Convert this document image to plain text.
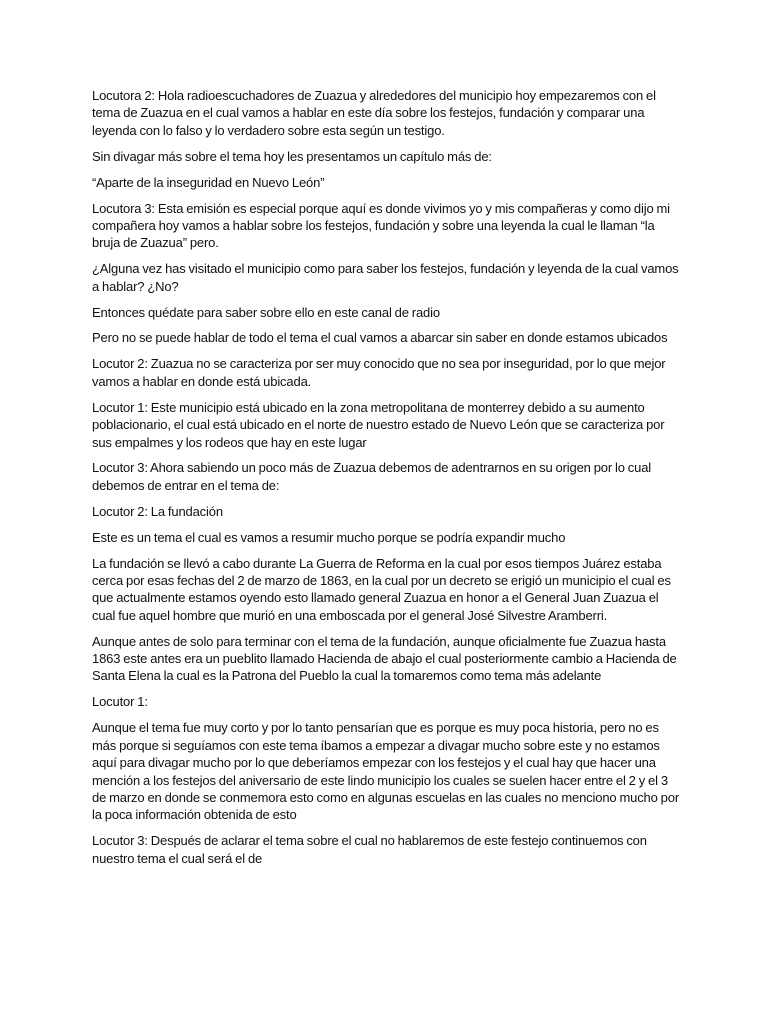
Locutora 2: Hola radioescuchadores de Zuazua y alrededores del municipio hoy empezaremos con el tema de Zuazua en el cual vamos a hablar en este día sobre los festejos, fundación y comparar una leyenda con lo falso y lo verdadero sobre esta según un testigo.

Sin divagar más sobre el tema hoy les presentamos un capítulo más de:

“Aparte de la inseguridad en Nuevo León”

Locutora 3: Esta emisión es especial porque aquí es donde vivimos yo y mis compañeras y como dijo mi compañera hoy vamos a hablar sobre los festejos, fundación y sobre una leyenda la cual le llaman “la bruja de Zuazua” pero.

¿Alguna vez has visitado el municipio como para saber los festejos, fundación y leyenda de la cual vamos a hablar? ¿No?

Entonces quédate para saber sobre ello en este canal de radio

Pero no se puede hablar de todo el tema el cual vamos a abarcar sin saber en donde estamos ubicados

Locutor 2: Zuazua no se caracteriza por ser muy conocido que no sea por inseguridad, por lo que mejor vamos a hablar en donde está ubicada.

Locutor 1: Este municipio está ubicado en la zona metropolitana de monterrey debido a su aumento poblacionario, el cual está ubicado en el norte de nuestro estado de Nuevo León que se caracteriza por sus empalmes y los rodeos que hay en este lugar

Locutor 3: Ahora sabiendo un poco más de Zuazua debemos de adentrarnos en su origen por lo cual debemos de entrar en el tema de:

Locutor 2: La fundación

Este es un tema el cual es vamos a resumir mucho porque se podría expandir mucho

La fundación se llevó a cabo durante La Guerra de Reforma en la cual por esos tiempos Juárez estaba cerca por esas fechas del 2 de marzo de 1863, en la cual por un decreto se erigió un municipio el cual es que actualmente estamos oyendo esto llamado general Zuazua en honor a el General Juan Zuazua el cual fue aquel hombre que murió en una emboscada por el general José Silvestre Aramberri.

Aunque antes de solo para terminar con el tema de la fundación, aunque oficialmente fue Zuazua hasta 1863 este antes era un pueblito llamado Hacienda de abajo el cual posteriormente cambio a Hacienda de Santa Elena la cual es la Patrona del Pueblo la cual la tomaremos como tema más adelante

Locutor 1:

Aunque el tema fue muy corto y por lo tanto pensarían que es porque es muy poca historia, pero no es más porque si seguíamos con este tema íbamos a empezar a divagar mucho sobre este y no estamos aquí para divagar mucho por lo que deberíamos empezar con los festejos y el cual hay que hacer una mención a los festejos del aniversario de este lindo municipio los cuales se suelen hacer entre el 2 y el 3 de marzo en donde se conmemora esto como en algunas escuelas en las cuales no menciono mucho por la poca información obtenida de esto

Locutor 3: Después de aclarar el tema sobre el cual no hablaremos de este festejo continuemos con nuestro tema el cual será el de
